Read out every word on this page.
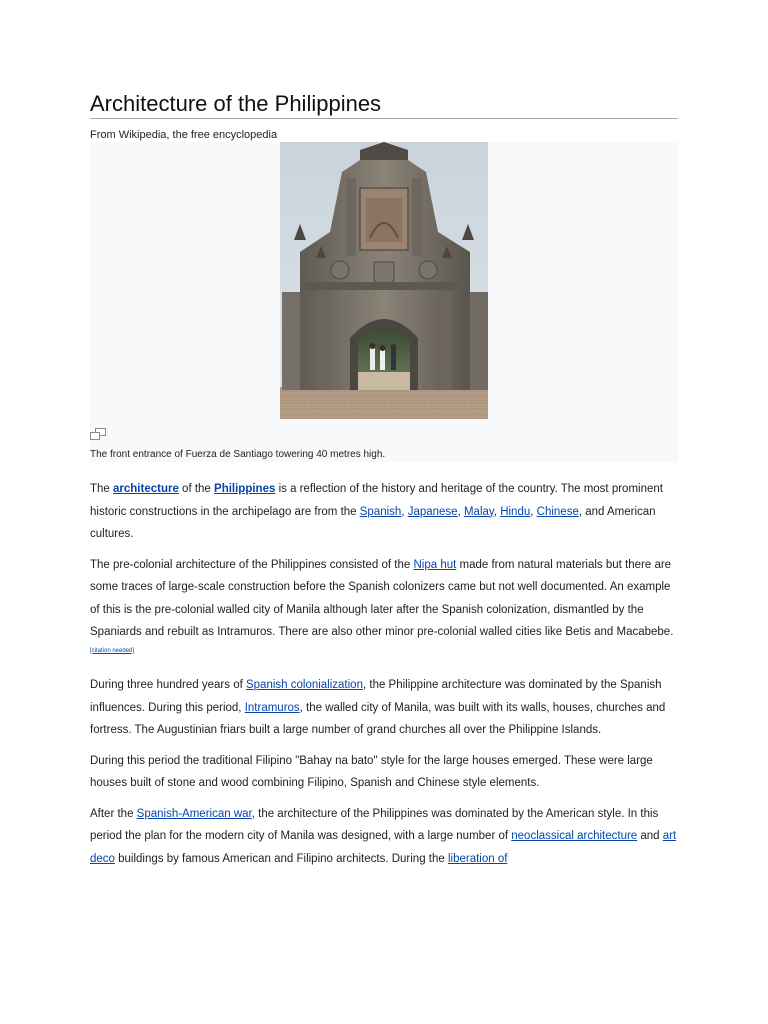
Architecture of the Philippines
From Wikipedia, the free encyclopedia
The front entrance of Fuerza de Santiago towering 40 metres high.

The architecture of the Philippines is a reflection of the history and heritage of the country. The most prominent historic constructions in the archipelago are from the Spanish, Japanese, Malay, Hindu, Chinese, and American cultures.

The pre-colonial architecture of the Philippines consisted of the Nipa hut made from natural materials but there are some traces of large-scale construction before the Spanish colonizers came but not well documented. An example of this is the pre-colonial walled city of Manila although later after the Spanish colonization, dismantled by the Spaniards and rebuilt as Intramuros. There are also other minor pre-colonial walled cities like Betis and Macabebe.[citation needed]

During three hundred years of Spanish colonialization, the Philippine architecture was dominated by the Spanish influences. During this period, Intramuros, the walled city of Manila, was built with its walls, houses, churches and fortress. The Augustinian friars built a large number of grand churches all over the Philippine Islands.

During this period the traditional Filipino "Bahay na bato" style for the large houses emerged. These were large houses built of stone and wood combining Filipino, Spanish and Chinese style elements.

After the Spanish-American war, the architecture of the Philippines was dominated by the American style. In this period the plan for the modern city of Manila was designed, with a large number of neoclassical architecture and art deco buildings by famous American and Filipino architects. During the liberation of
